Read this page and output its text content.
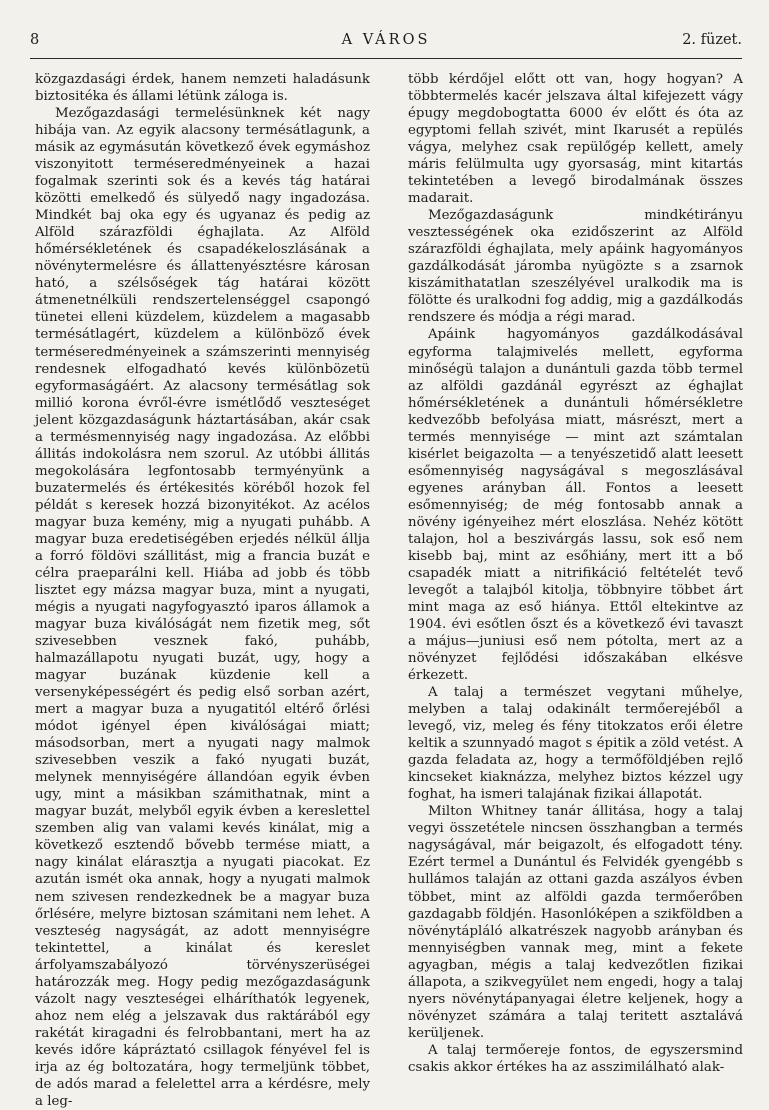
8	A VÁROS	2. füzet.

közgazdasági érdek, hanem nemzeti haladásunk biztositéka és állami létünk záloga is.

Mezőgazdasági termelésünknek két nagy hibája van. Az egyik alacsony termésátlagunk, a másik az egymásután következő évek egymáshoz viszonyitott terméseredményeinek a hazai fogalmak szerinti sok és a kevés tág határai közötti emelkedő és sülyedő nagy ingadozása. Mindkét baj oka egy és ugyanaz és pedig az Alföld szárazföldi éghajlata. Az Alföld hőmérsékletének és csapadékeloszlásának a növénytermelésre és állattenyésztésre károsan ható, a szélsőségek tág határai között átmenetnélküli rendszertelenséggel csapongó tünetei elleni küzdelem, küzdelem a magasabb termésátlagért, küzdelem a különböző évek terméseredményeinek a számszerinti mennyiség rendesnek elfogadható kevés különbözetü egyformaságáért. Az alacsony termésátlag sok millió korona évről-évre ismétlődő veszteséget jelent közgazdaságunk háztartásában, akár csak a termésmennyiség nagy ingadozása. Az előbbi állitás indokolásra nem szorul. Az utóbbi állitás megokolására legfontosabb termyényünk a buzatermelés és értékesités köréből hozok fel példát s keresek hozzá bizonyitékot. Az acélos magyar buza kemény, mig a nyugati puhább. A magyar buza eredetiségében erjedés nélkül állja a forró földövi szállitást, mig a francia buzát e célra praeparálni kell. Hiába ad jobb és több lisztet egy mázsa magyar buza, mint a nyugati, mégis a nyugati nagyfogyasztó iparos államok a magyar buza kiválóságát nem fizetik meg, sőt szivesebben vesznek fakó, puhább, halmazállapotu nyugati buzát, ugy, hogy a magyar buzának küzdenie kell a versenyképességért és pedig első sorban azért, mert a magyar buza a nyugatitól eltérő őrlési módot igényel épen kiválóságai miatt; másodsorban, mert a nyugati nagy malmok szivesebben veszik a fakó nyugati buzát, melynek mennyiségére állandóan egyik évben ugy, mint a másikban számithatnak, mint a magyar buzát, melyből egyik évben a kereslettel szemben alig van valami kevés kinálat, mig a következő esztendő bővebb termése miatt, a nagy kinálat elárasztja a nyugati piacokat. Ez azután ismét oka annak, hogy a nyugati malmok nem szivesen rendezkednek be a magyar buza őrlésére, melyre biztosan számitani nem lehet. A veszteség nagyságát, az adott mennyiségre tekintettel, a kinálat és kereslet árfolyamszabályozó törvényszerüségei határozzák meg. Hogy pedig mezőgazdaságunk vázolt nagy veszteségei elháríthatók legyenek, ahoz nem elég a jelszavak dus raktárából egy rakétát kiragadni és felrobbantani, mert ha az kevés időre kápráztató csillagok fényével fel is irja az ég boltozatára, hogy termeljünk többet, de adós marad a felelettel arra a kérdésre, mely a leg-

több kérdőjel előtt ott van, hogy hogyan? A többtermelés kacér jelszava által kifejezett vágy épugy megdobogtatta 6000 év előtt és óta az egyptomi fellah szivét, mint Ikarusét a repülés vágya, melyhez csak repülőgép kellett, amely máris felülmulta ugy gyorsaság, mint kitartás tekintetében a levegő birodalmának összes madarait.

Mezőgazdaságunk mindkétirányu vesztességének oka ezidőszerint az Alföld szárazföldi éghajlata, mely apáink hagyományos gazdálkodását járomba nyügözte s a zsarnok kiszámithatatlan szeszélyével uralkodik ma is fölötte és uralkodni fog addig, mig a gazdálkodás rendszere és módja a régi marad.

Apáink hagyományos gazdálkodásával egyforma talajmivelés mellett, egyforma minőségü talajon a dunántuli gazda több termel az alföldi gazdánál egyrészt az éghajlat hőmérsékletének a dunántuli hőmérsékletre kedvezőbb befolyása miatt, másrészt, mert a termés mennyisége — mint azt számtalan kisérlet beigazolta — a tenyészetidő alatt leesett esőmennyiség nagyságával s megoszlásával egyenes arányban áll. Fontos a leesett esőmennyiség; de még fontosabb annak a növény igényeihez mért eloszlása. Nehéz kötött talajon, hol a beszivárgás lassu, sok eső nem kisebb baj, mint az esőhiány, mert itt a bő csapadék miatt a nitrifikáció feltételét tevő levegőt a talajból kitolja, többnyire többet árt mint maga az eső hiánya. Ettől eltekintve az 1904. évi esőtlen őszt és a következő évi tavaszt a május—juniusi eső nem pótolta, mert az a növényzet fejlődési időszakában elkésve érkezett.

A talaj a természet vegytani műhelye, melyben a talaj odakinált termőerejéből a levegő, viz, meleg és fény titokzatos erői életre keltik a szunnyadó magot s épitik a zöld vetést. A gazda feladata az, hogy a termőföldjében rejlő kincseket kiaknázza, melyhez biztos kézzel ugy foghat, ha ismeri talajának fizikai állapotát.

Milton Whitney tanár állitása, hogy a talaj vegyi összetétele nincsen összhangban a termés nagyságával, már beigazolt, és elfogadott tény. Ezért termel a Dunántul és Felvidék gyengébb s hullámos talaján az ottani gazda aszályos évben többet, mint az alföldi gazda termőerőben gazdagabb földjén. Hasonlóképen a szikföldben a növénytápláló alkatrészek nagyobb arányban és mennyiségben vannak meg, mint a fekete agyagban, mégis a talaj kedvezőtlen fizikai állapota, a szikvegyület nem engedi, hogy a talaj nyers növénytápanyagai életre keljenek, hogy a növényzet számára a talaj teritett asztalává kerüljenek.

A talaj termőereje fontos, de egyszersmind csakis akkor értékes ha az asszimilálható alak-
